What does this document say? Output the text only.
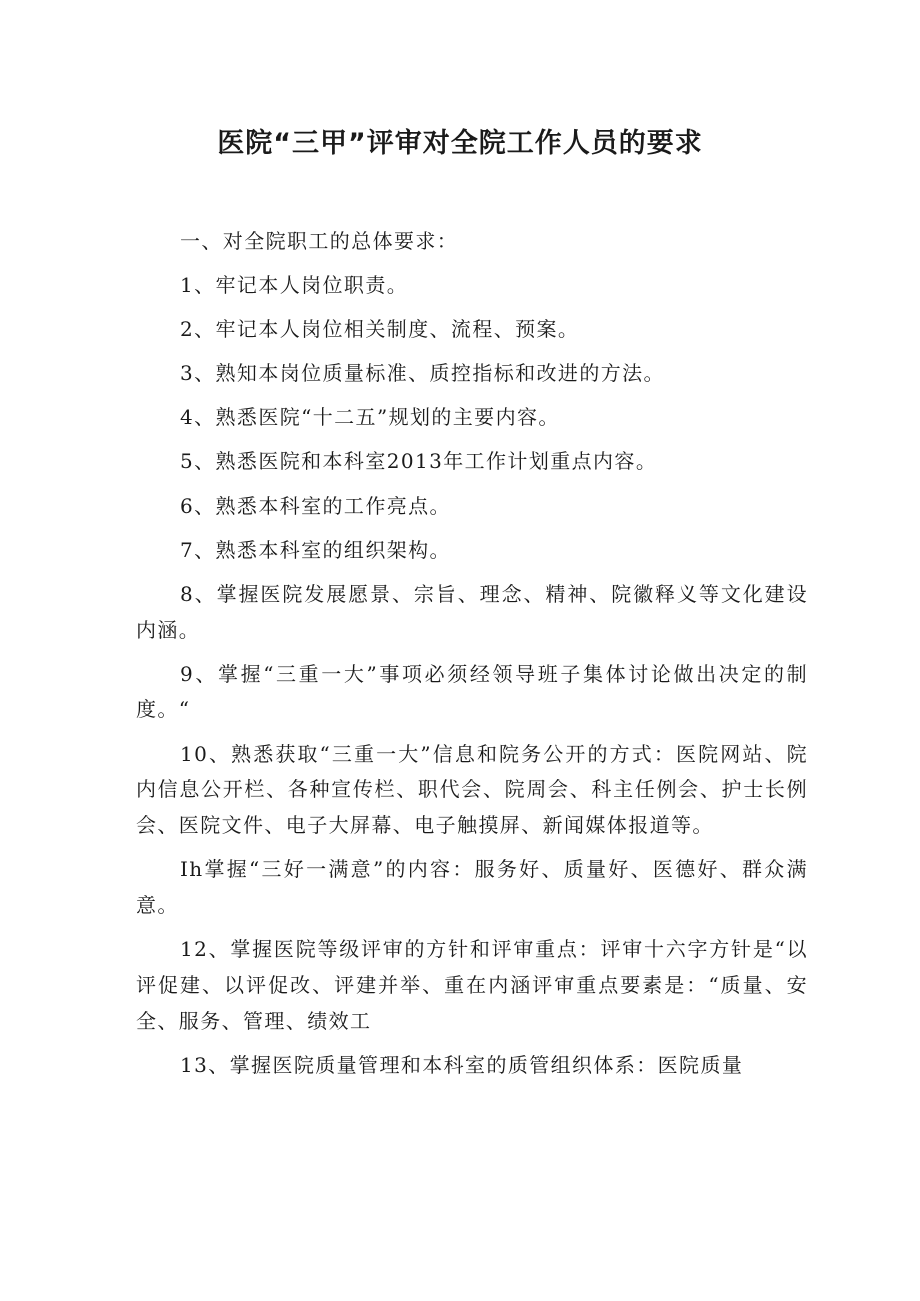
医院“三甲”评审对全院工作人员的要求

一、对全院职工的总体要求：

1、牢记本人岗位职责。

2、牢记本人岗位相关制度、流程、预案。

3、熟知本岗位质量标准、质控指标和改进的方法。

4、熟悉医院“十二五”规划的主要内容。

5、熟悉医院和本科室2013年工作计划重点内容。

6、熟悉本科室的工作亮点。

7、熟悉本科室的组织架构。

8、掌握医院发展愿景、宗旨、理念、精神、院徽释义等文化建设内涵。

9、掌握“三重一大”事项必须经领导班子集体讨论做出决定的制度。“

10、熟悉获取“三重一大”信息和院务公开的方式：医院网站、院内信息公开栏、各种宣传栏、职代会、院周会、科主任例会、护士长例会、医院文件、电子大屏幕、电子触摸屏、新闻媒体报道等。

Ih掌握“三好一满意”的内容：服务好、质量好、医德好、群众满意。

12、掌握医院等级评审的方针和评审重点：评审十六字方针是“以评促建、以评促改、评建并举、重在内涵评审重点要素是：“质量、安全、服务、管理、绩效工

13、掌握医院质量管理和本科室的质管组织体系：医院质量
